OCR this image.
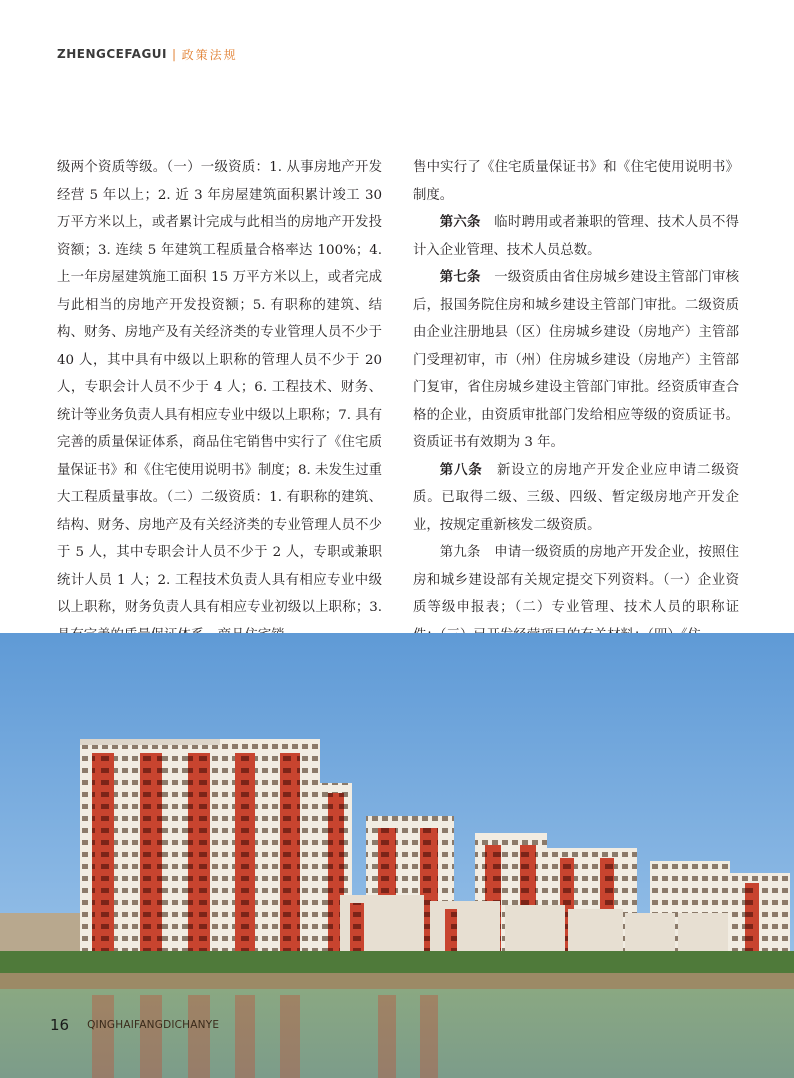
ZHENGCEFAGUI | 政策法规

级两个资质等级。（一）一级资质：1. 从事房地产开发经营 5 年以上；2. 近 3 年房屋建筑面积累计竣工 30 万平方米以上，或者累计完成与此相当的房地产开发投资额；3. 连续 5 年建筑工程质量合格率达 100%；4. 上一年房屋建筑施工面积 15 万平方米以上，或者完成与此相当的房地产开发投资额；5. 有职称的建筑、结构、财务、房地产及有关经济类的专业管理人员不少于 40 人，其中具有中级以上职称的管理人员不少于 20 人，专职会计人员不少于 4 人；6. 工程技术、财务、统计等业务负责人具有相应专业中级以上职称；7. 具有完善的质量保证体系，商品住宅销售中实行了《住宅质量保证书》和《住宅使用说明书》制度；8. 未发生过重大工程质量事故。（二）二级资质：1. 有职称的建筑、结构、财务、房地产及有关经济类的专业管理人员不少于 5 人，其中专职会计人员不少于 2 人，专职或兼职统计人员 1 人；2. 工程技术负责人具有相应专业中级以上职称，财务负责人具有相应专业初级以上职称；3.

售中实行了《住宅质量保证书》和《住宅使用说明书》制度。

第六条　 临时聘用或者兼职的管理、技术人员不得计入企业管理、技术人员总数。

第七条　 一级资质由省住房城乡建设主管部门审核后，报国务院住房和城乡建设主管部门审批。二级资质由企业注册地县（区）住房城乡建设（房地产）主管部门受理初审，市（州）住房城乡建设（房地产）主管部门复审，省住房城乡建设主管部门审批。经资质审查合格的企业，由资质审批部门发给相应等级的资质证书。资质证书有效期为 3 年。

第八条　 新设立的房地产开发企业应申请二级资质。已取得二级、三级、四级、暂定级房地产开发企业，按规定重新核发二级资质。

第九条　申请一级资质的房地产开发企业，按照住房和城乡建设部有关规定提交下列资料。（一）企业资质等级申报表；（二）专业管理、技术人员的职称证

16 QINGHAIFANGDICHANYE
